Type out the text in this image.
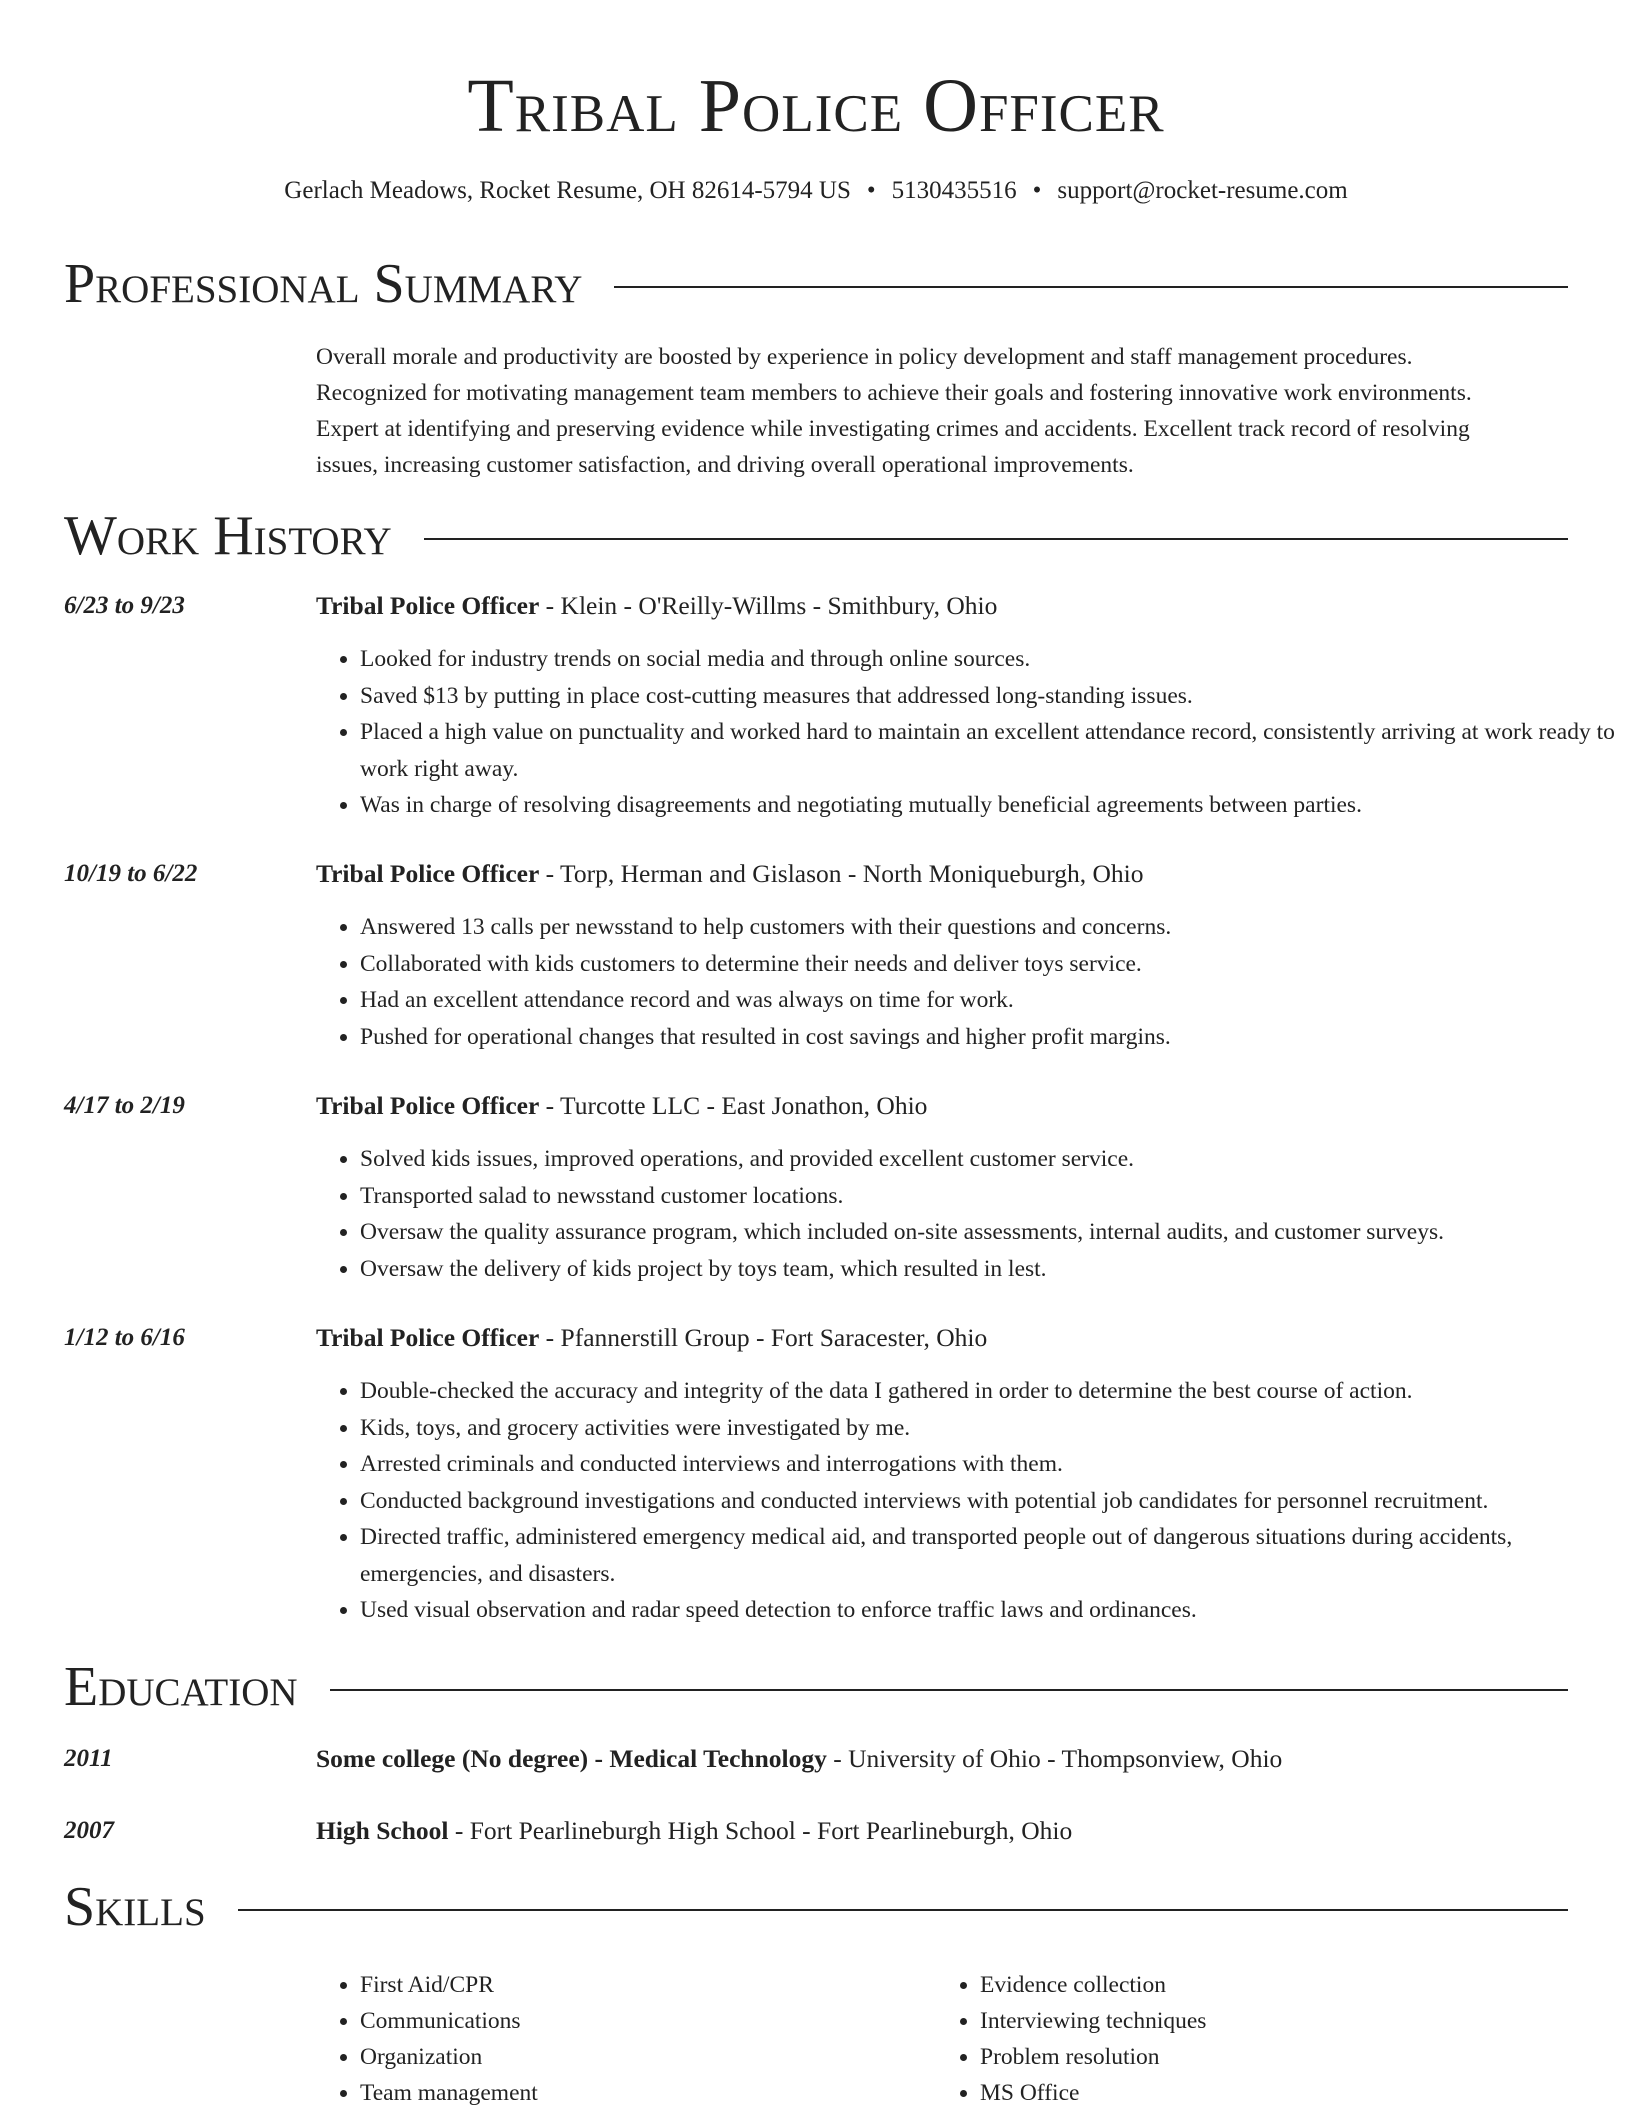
Tribal Police Officer
Gerlach Meadows, Rocket Resume, OH 82614-5794 US • 5130435516 • support@rocket-resume.com
Professional Summary

Overall morale and productivity are boosted by experience in policy development and staff management procedures.
Recognized for motivating management team members to achieve their goals and fostering innovative work environments.
Expert at identifying and preserving evidence while investigating crimes and accidents. Excellent track record of resolving
issues, increasing customer satisfaction, and driving overall operational improvements.

Work History
6/23 to 9/23	Tribal Police Officer - Klein - O'Reilly-Willms - Smithbury, Ohio
• Looked for industry trends on social media and through online sources.
• Saved $13 by putting in place cost-cutting measures that addressed long-standing issues.
• Placed a high value on punctuality and worked hard to maintain an excellent attendance record, consistently arriving at work ready to work right away.
• Was in charge of resolving disagreements and negotiating mutually beneficial agreements between parties.
10/19 to 6/22	Tribal Police Officer - Torp, Herman and Gislason - North Moniqueburgh, Ohio
• Answered 13 calls per newsstand to help customers with their questions and concerns.
• Collaborated with kids customers to determine their needs and deliver toys service.
• Had an excellent attendance record and was always on time for work.
• Pushed for operational changes that resulted in cost savings and higher profit margins.
4/17 to 2/19	Tribal Police Officer - Turcotte LLC - East Jonathon, Ohio
• Solved kids issues, improved operations, and provided excellent customer service.
• Transported salad to newsstand customer locations.
• Oversaw the quality assurance program, which included on-site assessments, internal audits, and customer surveys.
• Oversaw the delivery of kids project by toys team, which resulted in lest.
1/12 to 6/16	Tribal Police Officer - Pfannerstill Group - Fort Saracester, Ohio
• Double-checked the accuracy and integrity of the data I gathered in order to determine the best course of action.
• Kids, toys, and grocery activities were investigated by me.
• Arrested criminals and conducted interviews and interrogations with them.
• Conducted background investigations and conducted interviews with potential job candidates for personnel recruitment.
• Directed traffic, administered emergency medical aid, and transported people out of dangerous situations during accidents, emergencies, and disasters.
• Used visual observation and radar speed detection to enforce traffic laws and ordinances.
Education
2011	Some college (No degree) - Medical Technology - University of Ohio - Thompsonview, Ohio
2007	High School - Fort Pearlineburgh High School - Fort Pearlineburgh, Ohio
Skills
• First Aid/CPR
• Communications
• Organization
• Team management
• Evidence collection
• Interviewing techniques
• Problem resolution
• MS Office
